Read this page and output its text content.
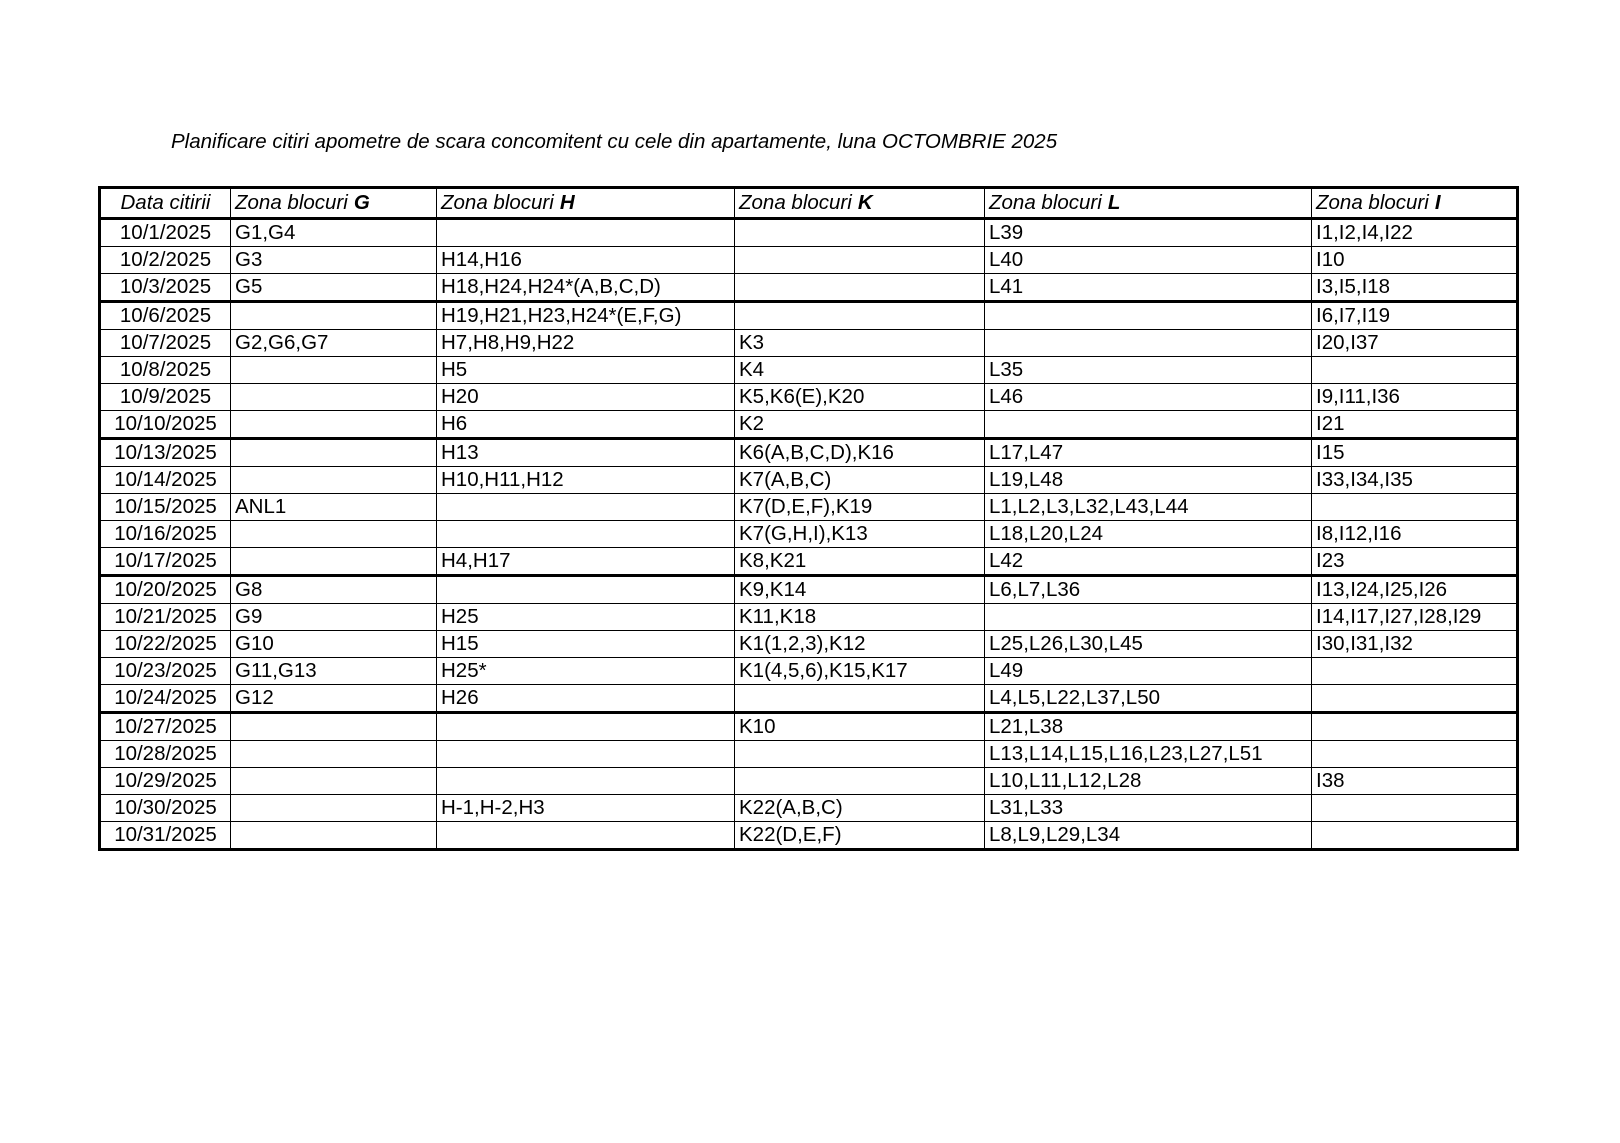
Planificare citiri apometre de scara concomitent cu cele din apartamente, luna OCTOMBRIE 2025
Data citirii	Zona blocuri G	Zona blocuri H	Zona blocuri K	Zona blocuri L	Zona blocuri I
10/1/2025	G1,G4			L39	I1,I2,I4,I22
10/2/2025	G3	H14,H16		L40	I10
10/3/2025	G5	H18,H24,H24*(A,B,C,D)		L41	I3,I5,I18
10/6/2025		H19,H21,H23,H24*(E,F,G)			I6,I7,I19
10/7/2025	G2,G6,G7	H7,H8,H9,H22	K3		I20,I37
10/8/2025		H5	K4	L35	
10/9/2025		H20	K5,K6(E),K20	L46	I9,I11,I36
10/10/2025		H6	K2		I21
10/13/2025		H13	K6(A,B,C,D),K16	L17,L47	I15
10/14/2025		H10,H11,H12	K7(A,B,C)	L19,L48	I33,I34,I35
10/15/2025	ANL1		K7(D,E,F),K19	L1,L2,L3,L32,L43,L44	
10/16/2025			K7(G,H,I),K13	L18,L20,L24	I8,I12,I16
10/17/2025		H4,H17	K8,K21	L42	I23
10/20/2025	G8		K9,K14	L6,L7,L36	I13,I24,I25,I26
10/21/2025	G9	H25	K11,K18		I14,I17,I27,I28,I29
10/22/2025	G10	H15	K1(1,2,3),K12	L25,L26,L30,L45	I30,I31,I32
10/23/2025	G11,G13	H25*	K1(4,5,6),K15,K17	L49	
10/24/2025	G12	H26		L4,L5,L22,L37,L50	
10/27/2025			K10	L21,L38	
10/28/2025				L13,L14,L15,L16,L23,L27,L51	
10/29/2025				L10,L11,L12,L28	I38
10/30/2025		H-1,H-2,H3	K22(A,B,C)	L31,L33	
10/31/2025			K22(D,E,F)	L8,L9,L29,L34	
